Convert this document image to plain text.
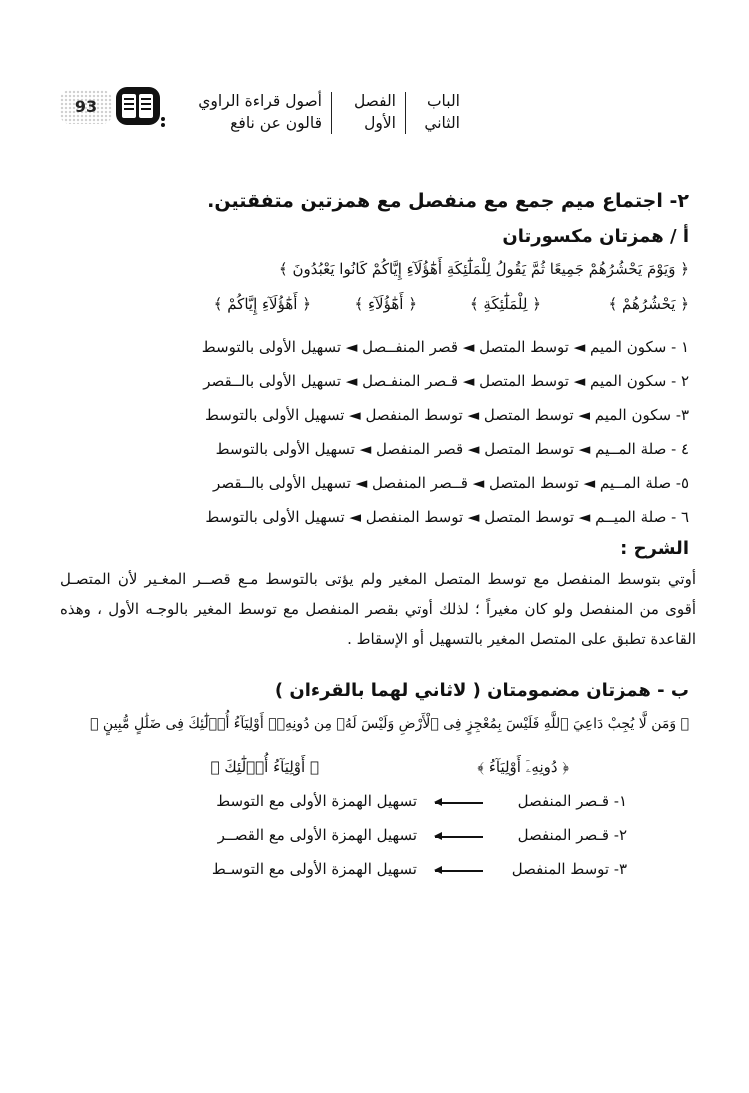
الباب
الثاني
الفصل
الأول
أصول قراءة الراوي
قالون عن نافع
93
٢- اجتماع ميم جمع مع منفصل مع همزتين متفقتين.
أ / همزتان مكسورتان
﴿ وَيَوْمَ يَحْشُرُهُمْ جَمِيعًا ثُمَّ يَقُولُ لِلْمَلَٰٓئِكَةِ أَهَٰٓؤُلَآءِ إِيَّاكُمْ كَانُوا يَعْبُدُونَ ﴾
﴿ يَحْشُرُهُمْ ﴾
﴿ لِلْمَلَٰٓئِكَةِ ﴾
﴿ أَهَٰٓؤُلَآءِ ﴾
﴿ أَهَٰٓؤُلَآءِ إِيَّاكُمْ ﴾
١ - سكون الميم ◄ توسط المتصل ◄ قصر المنفــصل ◄ تسهيل الأولى بالتوسط
٢ - سكون الميم ◄ توسط المتصل ◄ قـصر المنفـصل ◄ تسهيل الأولى بالــقصر
٣- سكون الميم ◄ توسط المتصل ◄ توسط المنفصل ◄ تسهيل الأولى بالتوسط
٤ - صلة المــيم ◄ توسط المتصل ◄ قصر المنفصل ◄ تسهيل الأولى بالتوسط
٥- صلة المــيم ◄ توسط المتصل ◄ قــصر المنفصل ◄ تسهيل الأولى بالــقصر
٦ - صلة الميــم ◄ توسط المتصل ◄ توسط المنفصل ◄ تسهيل الأولى بالتوسط
الشرح :

أوتي بتوسط المنفصل مع توسط المتصل المغير ولم يؤتى بالتوسط مـع قصــر المغـير لأن المتصـل أقوى من المنفصل ولو كان مغيراً ؛ لذلك أوتي بقصر المنفصل مع توسط المغير بالوجـه الأول ، وهذه القاعدة تطبق على المتصل المغير بالتسهيل أو الإسقاط .

ب - همزتان مضمومتان ( لاثاني لهما بالقرءان )
﴿ وَمَن لَّا يُجِبْ دَاعِيَ ٱللَّهِ فَلَيْسَ بِمُعْجِزٍ فِى ٱلْأَرْضِ وَلَيْسَ لَهُۥ مِن دُونِهِۦٓ أَوْلِيَآءُ أُو۟لَٰٓئِكَ فِى ضَلَٰلٍ مُّبِينٍ ﴾
﴿ دُونِهِۦٓ أَوْلِيَآءُ ﴾
﴿ أَوْلِيَآءُ أُو۟لَٰٓئِكَ ﴾
١- قـصر المنفصل
تسهيل الهمزة الأولى مع التوسط
٢- قـصر المنفصل
تسهيل الهمزة الأولى مع القصــر
٣- توسط المنفصل
تسهيل الهمزة الأولى مع التوسـط
